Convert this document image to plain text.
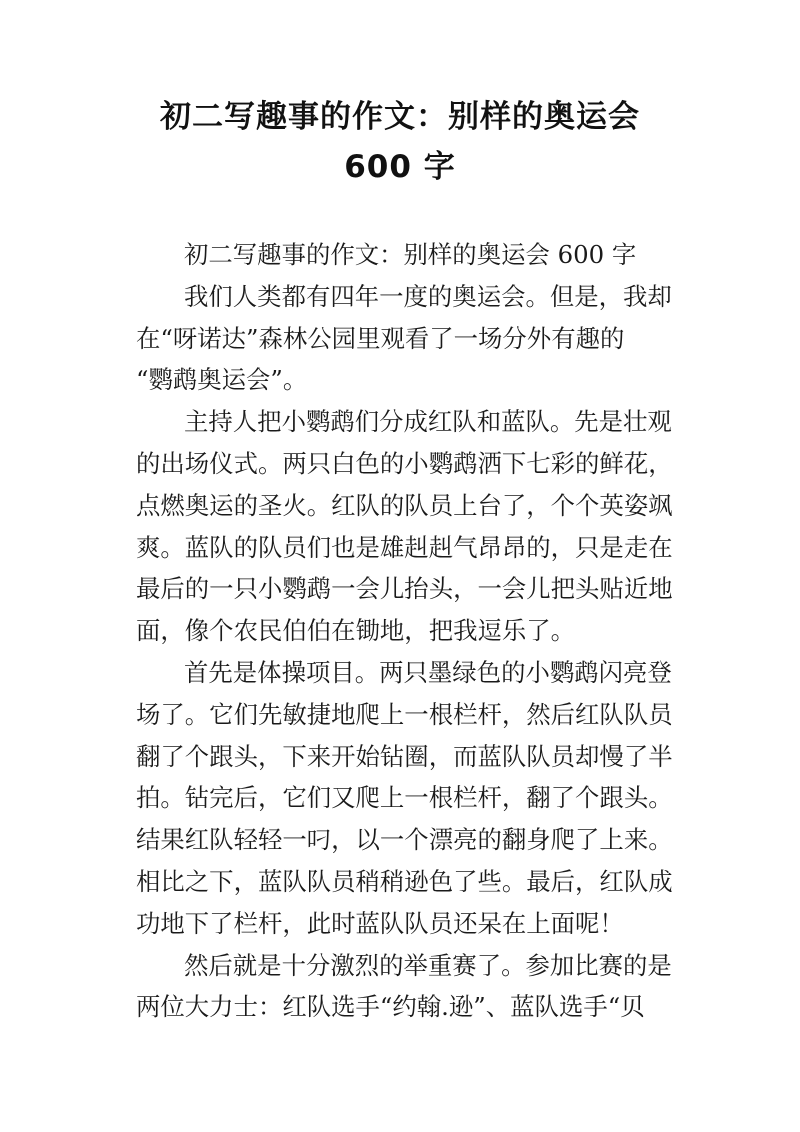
初二写趣事的作文：别样的奥运会
600 字
初二写趣事的作文：别样的奥运会 600 字
我们人类都有四年一度的奥运会。但是，我却
在“呀诺达”森林公园里观看了一场分外有趣的
“鹦鹉奥运会”。
主持人把小鹦鹉们分成红队和蓝队。先是壮观
的出场仪式。两只白色的小鹦鹉洒下七彩的鲜花，
点燃奥运的圣火。红队的队员上台了，个个英姿飒
爽。蓝队的队员们也是雄赳赳气昂昂的，只是走在
最后的一只小鹦鹉一会儿抬头，一会儿把头贴近地
面，像个农民伯伯在锄地，把我逗乐了。
首先是体操项目。两只墨绿色的小鹦鹉闪亮登
场了。它们先敏捷地爬上一根栏杆，然后红队队员
翻了个跟头，下来开始钻圈，而蓝队队员却慢了半
拍。钻完后，它们又爬上一根栏杆，翻了个跟头。
结果红队轻轻一叼，以一个漂亮的翻身爬了上来。
相比之下，蓝队队员稍稍逊色了些。最后，红队成
功地下了栏杆，此时蓝队队员还呆在上面呢！
然后就是十分激烈的举重赛了。参加比赛的是
两位大力士：红队选手“约翰.逊”、蓝队选手“贝
